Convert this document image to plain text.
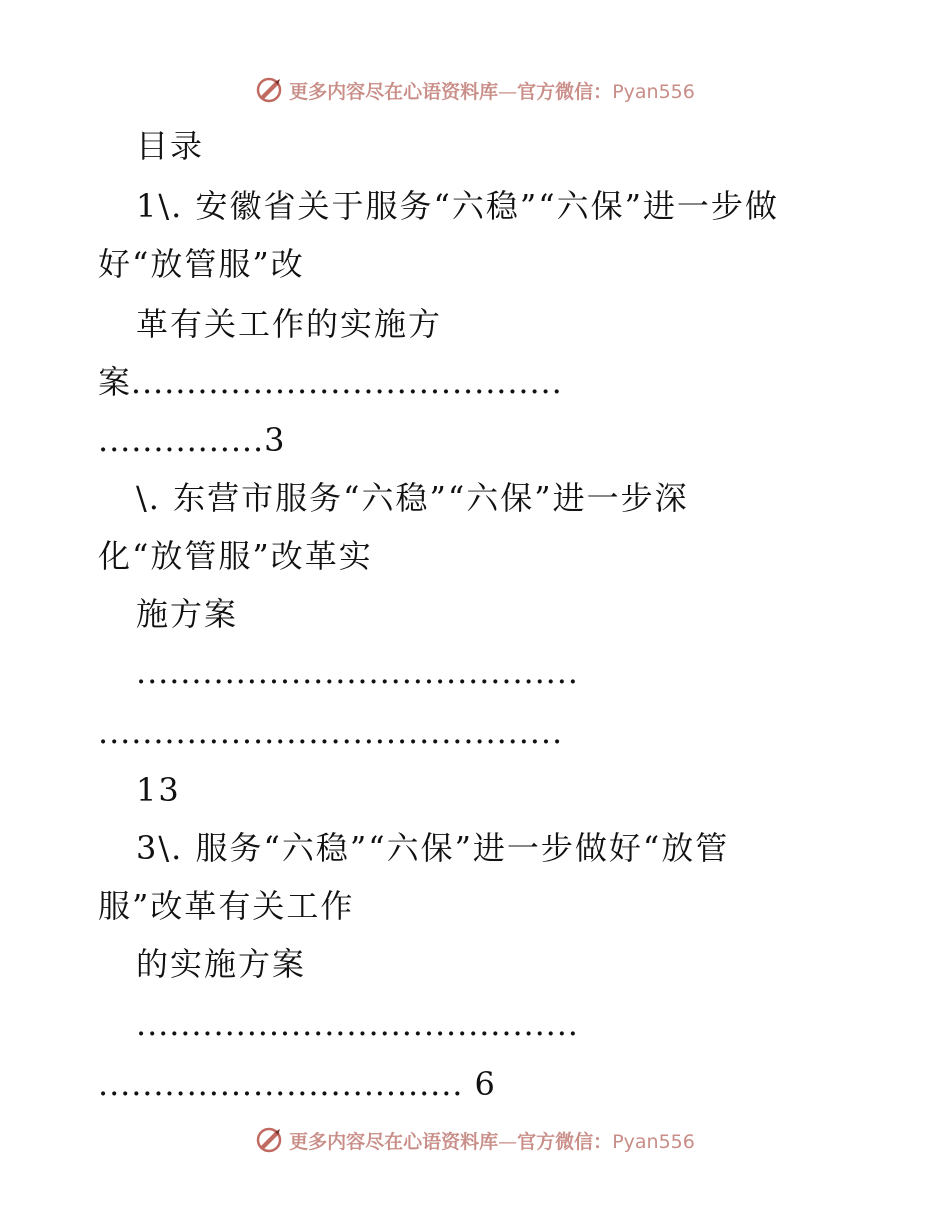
更多内容尽在心语资料库—官方微信：Pyan556
目录
1\. 安徽省关于服务“六稳”“六保”进一步做
好“放管服”改
革有关工作的实施方
案.......................................
...............3
\. 东营市服务“六稳”“六保”进一步深
化“放管服”改革实
施方案
........................................
..........................................
13
3\. 服务“六稳”“六保”进一步做好“放管
服”改革有关工作
的实施方案
........................................
................................. 6
更多内容尽在心语资料库—官方微信：Pyan556
